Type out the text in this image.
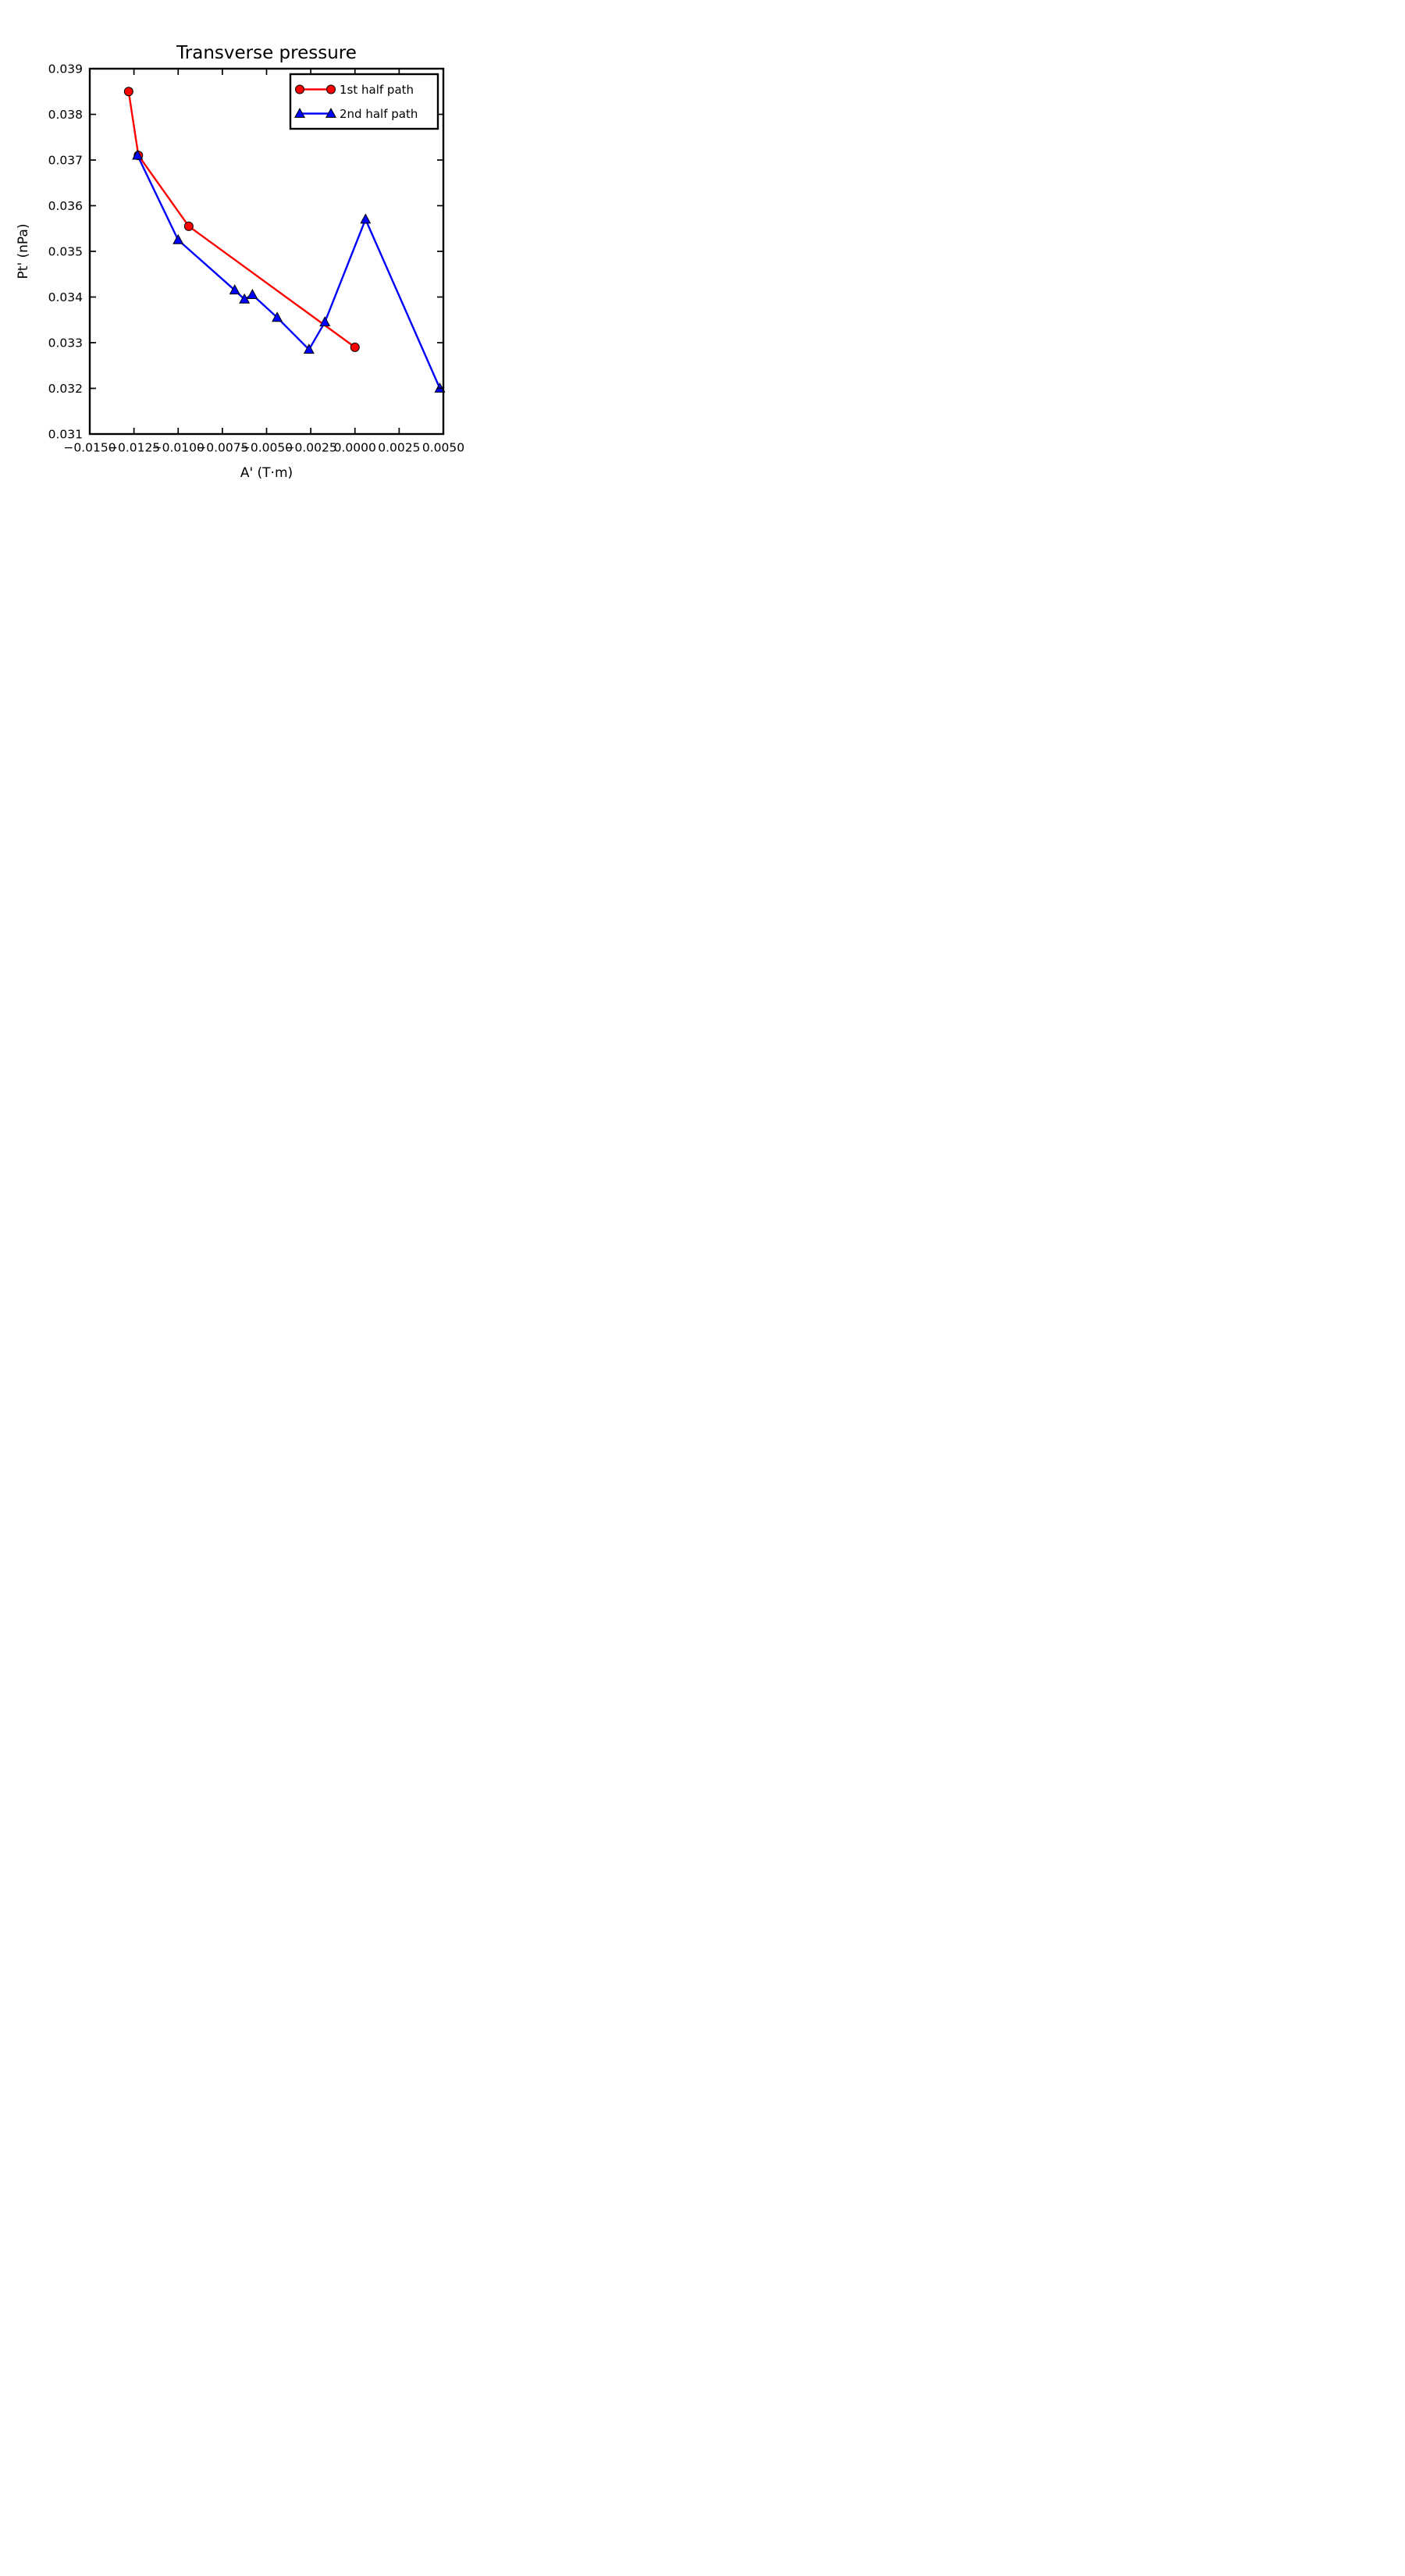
−0.0150
−0.0125
−0.0100
−0.0075
−0.0050
−0.0025
0.0000 0.0025 0.0050
0.031
0.032
0.033
0.034
0.035
0.036
0.037
0.038
0.039
Transverse pressure
A' (T·m)
Pt' (nPa)
1st half path
2nd half path
